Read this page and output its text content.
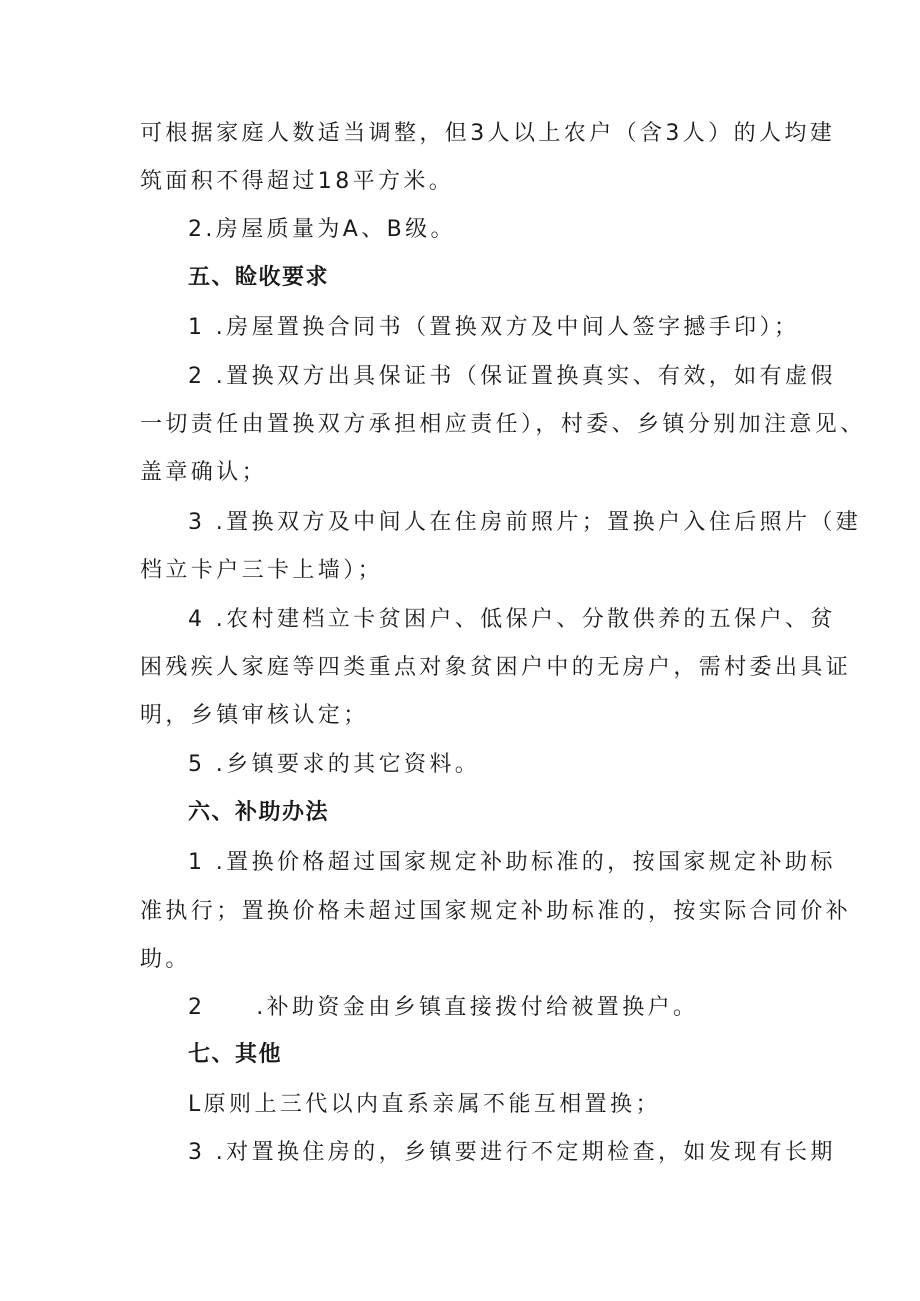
可根据家庭人数适当调整，但3人以上农户（含3人）的人均建
筑面积不得超过18平方米。
2.房屋质量为A、B级。
五、睑收要求
1 .房屋置换合同书（置换双方及中间人签字撼手印）；
2 .置换双方出具保证书（保证置换真实、有效，如有虚假
一切责任由置换双方承担相应责任），村委、乡镇分别加注意见、
盖章确认；
3 .置换双方及中间人在住房前照片；置换户入住后照片（建
档立卡户三卡上墙）；
4 .农村建档立卡贫困户、低保户、分散供养的五保户、贫
困残疾人家庭等四类重点对象贫困户中的无房户，需村委出具证
明，乡镇审核认定；
5 .乡镇要求的其它资料。
六、补助办法
1 .置换价格超过国家规定补助标准的，按国家规定补助标
准执行；置换价格未超过国家规定补助标准的，按实际合同价补
助。
2　　.补助资金由乡镇直接拨付给被置换户。
七、其他
L原则上三代以内直系亲属不能互相置换；
3 .对置换住房的，乡镇要进行不定期检查，如发现有长期
